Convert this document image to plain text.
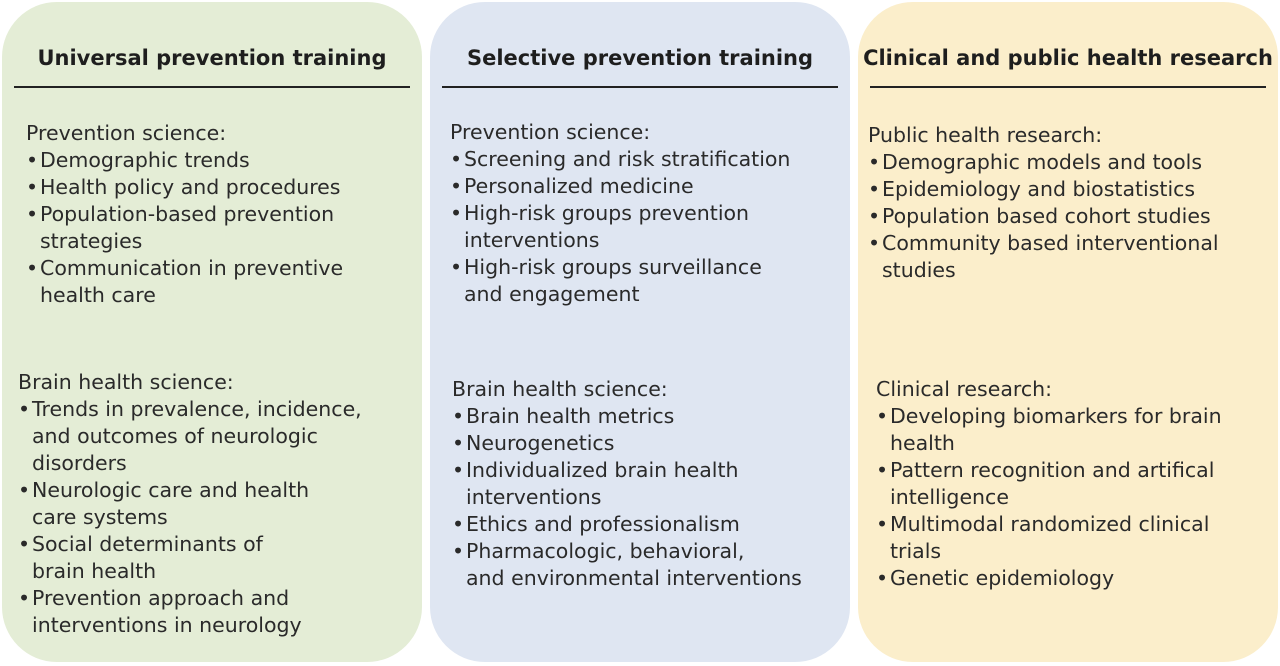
Universal prevention training
Prevention science:
• Demographic trends
• Health policy and procedures
• Population-based prevention
strategies
• Communication in preventive
health care
Brain health science:
• Trends in prevalence, incidence,
and outcomes of neurologic
disorders
• Neurologic care and health
care systems
• Social determinants of
brain health
• Prevention approach and
interventions in neurology
Selective prevention training
Prevention science:
• Screening and risk stratification
• Personalized medicine
• High-risk groups prevention
interventions
• High-risk groups surveillance
and engagement
Brain health science:
• Brain health metrics
• Neurogenetics
• Individualized brain health
interventions
• Ethics and professionalism
• Pharmacologic, behavioral,
and environmental interventions
Clinical and public health research
Public health research:
• Demographic models and tools
• Epidemiology and biostatistics
• Population based cohort studies
• Community based interventional
studies
Clinical research:
• Developing biomarkers for brain
health
• Pattern recognition and artifical
intelligence
• Multimodal randomized clinical
trials
• Genetic epidemiology
